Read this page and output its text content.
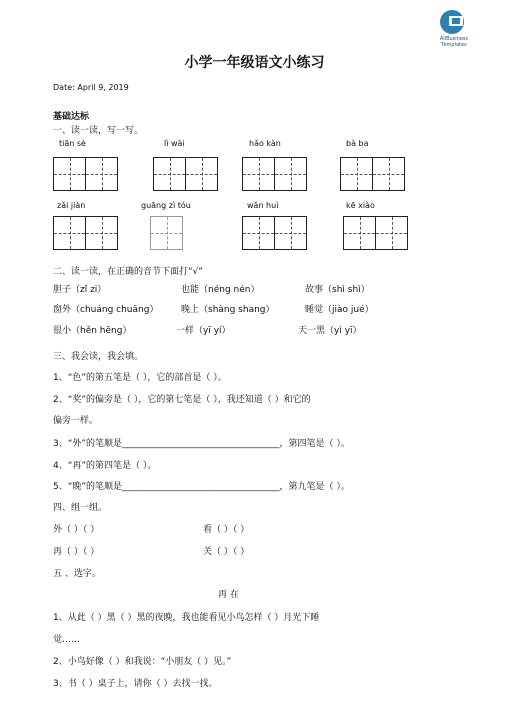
AllBusiness
Templates
小学一年级语文小练习
Date: April 9, 2019
基础达标
一、读一读，写一写。
tiān sè	lì wài	hǎo kàn	bà ba
zǎi jiàn	guāng zì tóu	wǎn huì	kē xiào
二、读一读，在正确的音节下面打“√”
胆子（zǐ zi）	也能（néng nén）	故事（shì shì）
窗外（chuáng chuāng）	晚上（shàng shang）	睡觉（jiào jué）
很小（hěn hěng）	一样（yī yí）	天一黑（yì yī）
三、我会读，我会填。
1、“色”的第五笔是（ ），它的部首是（ ）。
2、“奖”的偏旁是（ ），它的第七笔是（ ），我还知道（ ）和它的
偏旁一样。
3、“外”的笔顺是___________________________________，第四笔是（ ）。
4、“再”的第四笔是（ ）。
5、“晚”的笔顺是___________________________________，第九笔是（ ）。
四、组一组。
外（ ）（ ）	看（ ）（ ）
再（ ）（ ）	关（ ）（ ）
五 、选字。
再 在
1、从此（ ）黑（ ）黑的夜晚，我也能看见小鸟怎样（ ）月光下睡
觉……
2、小鸟好像（ ）和我说：“小朋友（ ）见。”
3、书（ ）桌子上，请你（ ）去找一找。
